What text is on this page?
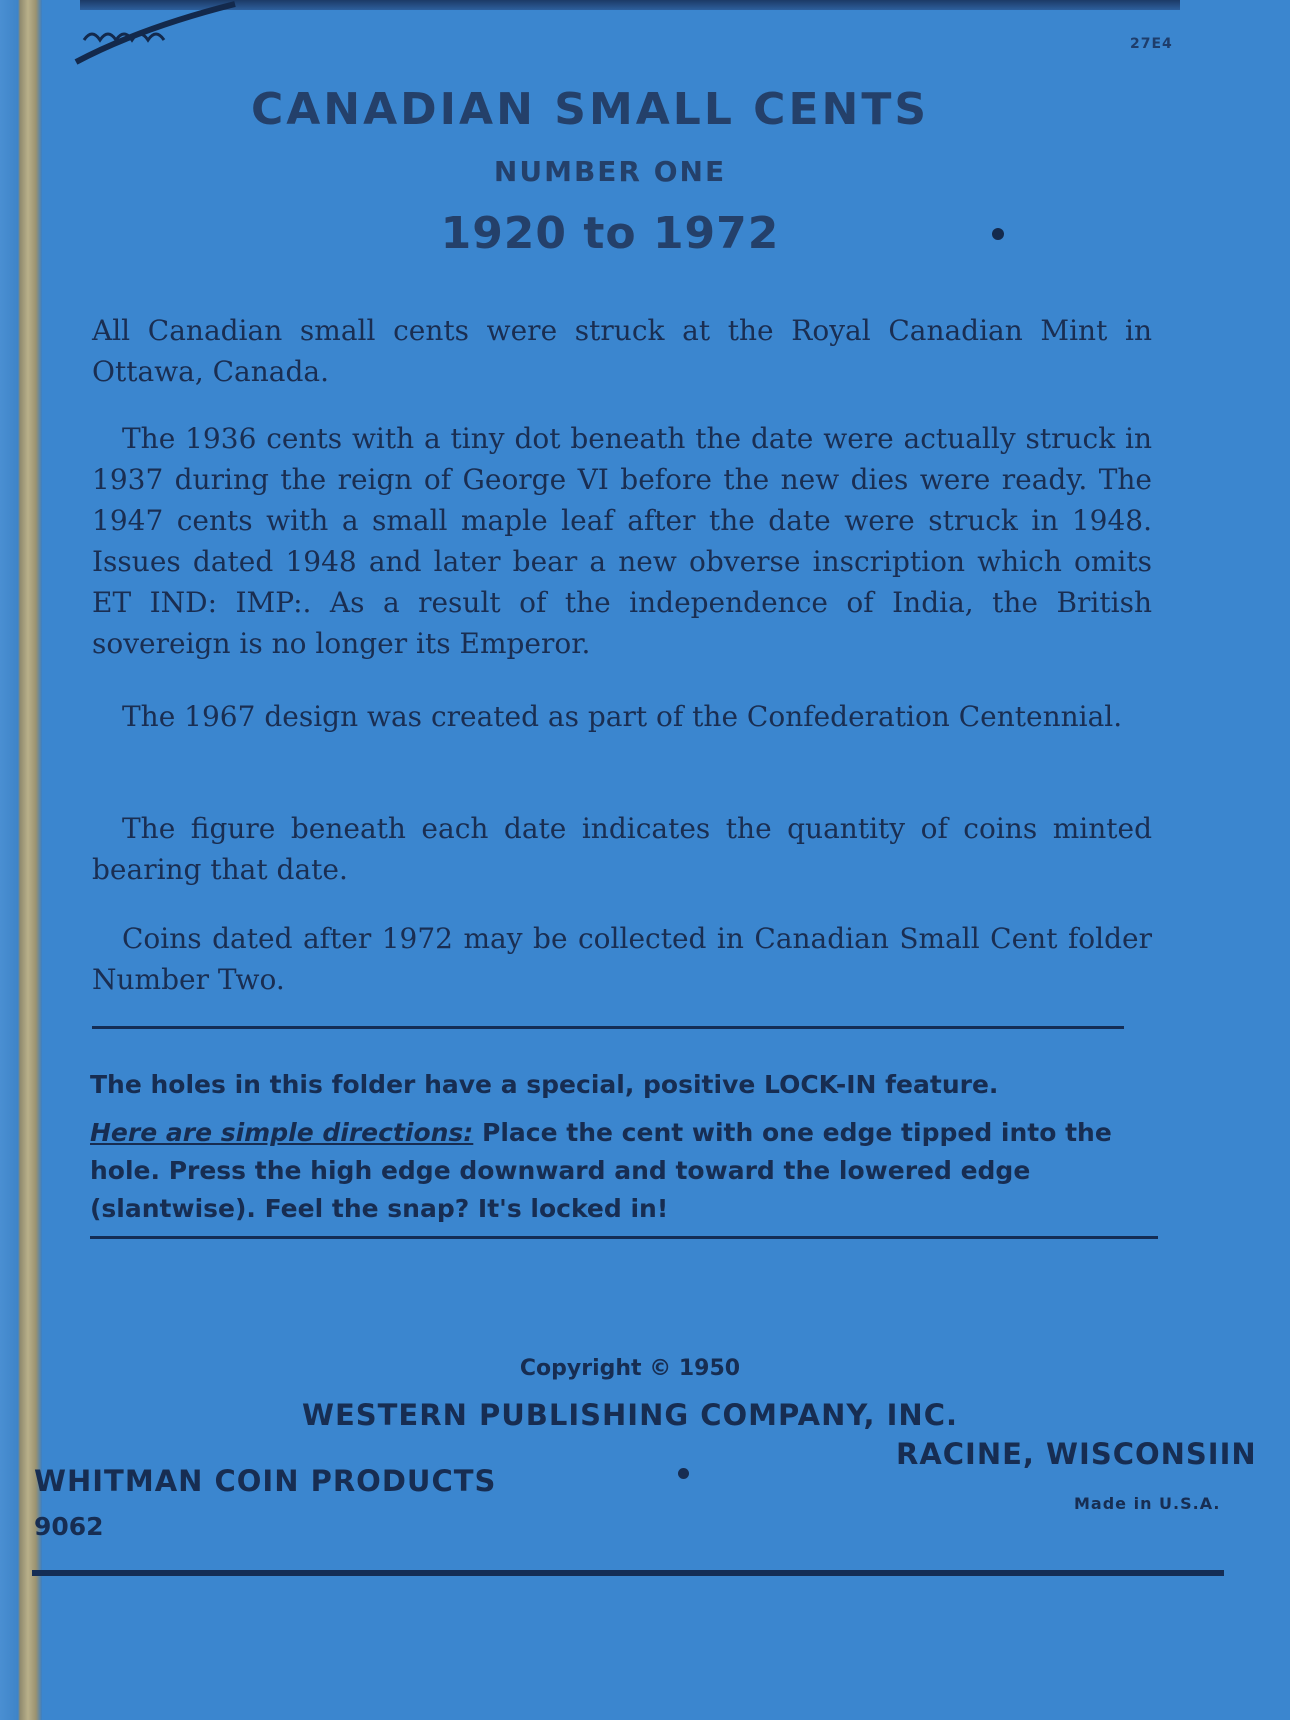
27E4
CANADIAN SMALL CENTS
NUMBER ONE
1920 to 1972

All Canadian small cents were struck at the Royal Canadian Mint in Ottawa, Canada.

The 1936 cents with a tiny dot beneath the date were actually struck in 1937 during the reign of George VI before the new dies were ready. The 1947 cents with a small maple leaf after the date were struck in 1948. Issues dated 1948 and later bear a new obverse inscription which omits ET IND: IMP:. As a result of the independence of India, the British sovereign is no longer its Emperor.

The 1967 design was created as part of the Confederation Centennial.

The figure beneath each date indicates the quantity of coins minted bearing that date.

Coins dated after 1972 may be collected in Canadian Small Cent folder Number Two.

The holes in this folder have a special, positive LOCK-IN feature.

Here are simple directions: Place the cent with one edge tipped into the hole. Press the high edge downward and toward the lowered edge (slantwise). Feel the snap? It's locked in!

Copyright © 1950
WESTERN PUBLISHING COMPANY, INC.
WHITMAN COIN PRODUCTS
RACINE, WISCONSIIN
Made in U.S.A.
9062
